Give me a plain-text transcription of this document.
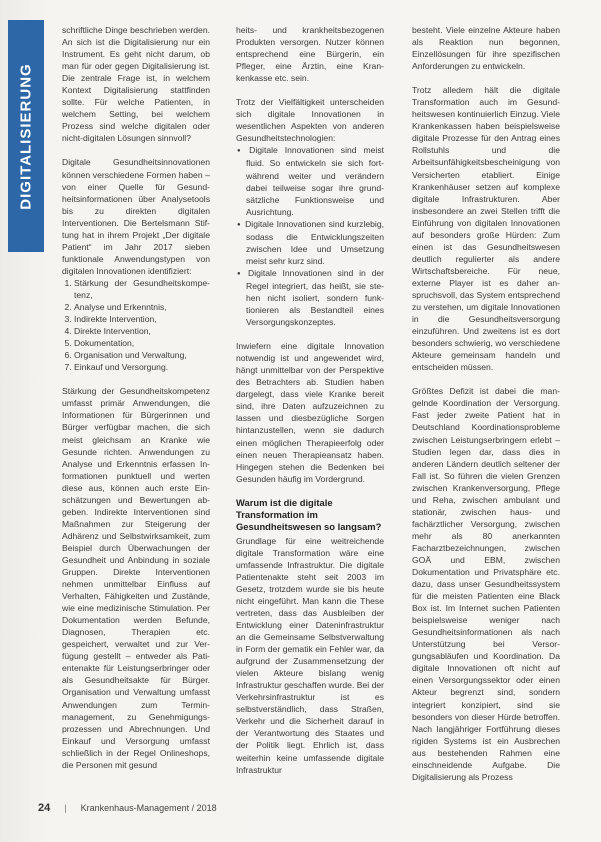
DIGITALISIERUNG

schriftliche Dinge beschrieben werden. An sich ist die Digitalisierung nur ein Instrument. Es geht nicht darum, ob man für oder gegen Digitalisierung ist. Die zentrale Frage ist, in welchem Kontext Digitalisierung stattfinden sollte. Für welche Patienten, in welchem Setting, bei welchem Prozess sind welche digitalen oder nicht-digitalen Lösungen sinnvoll?

Digitale Gesundheitsinnovationen können verschiedene Formen haben – von einer Quelle für Gesundheitsinformationen über Analysetools bis zu direkten digitalen Interventionen. Die Bertelsmann Stiftung hat in ihrem Projekt „Der digitale Patient“ im Jahr 2017 sieben funktionale Anwendungstypen von digitalen Innovationen identifiziert:

1. Stärkung der Gesundheitskompetenz,
2. Analyse und Erkenntnis,
3. Indirekte Intervention,
4. Direkte Intervention,
5. Dokumentation,
6. Organisation und Verwaltung,
7. Einkauf und Versorgung.

Stärkung der Gesundheitskompetenz umfasst primär Anwendungen, die Informationen für Bürgerinnen und Bürger verfügbar machen, die sich meist gleichsam an Kranke wie Gesunde richten. Anwendungen zu Analyse und Erkenntnis erfassen Informationen punktuell und werten diese aus, können auch erste Einschätzungen und Bewertungen abgeben. Indirekte Interventionen sind Maßnahmen zur Steigerung der Adhärenz und Selbstwirksamkeit, zum Beispiel durch Überwachungen der Gesundheit und Anbindung in soziale Gruppen. Direkte Interventionen nehmen unmittelbar Einfluss auf Verhalten, Fähigkeiten und Zustände, wie eine medizinische Stimulation. Per Dokumentation werden Befunde, Diagnosen, Therapien etc. gespeichert, verwaltet und zur Verfügung gestellt – entweder als Patientenakte für Leistungserbringer oder als Gesundheitsakte für Bürger. Organisation und Verwaltung umfasst Anwendungen zum Terminmanagement, zu Genehmigungsprozessen und Abrechnungen. Und Einkauf und Versorgung umfasst schließlich in der Regel Onlineshops, die Personen mit gesund

heits- und krankheitsbezogenen Produkten versorgen. Nutzer können entsprechend eine Bürgerin, ein Pfleger, eine Ärztin, eine Krankenkasse etc. sein.

Trotz der Vielfältigkeit unterscheiden sich digitale Innovationen in wesentlichen Aspekten von anderen Gesundheitstechnologien:

● Digitale Innovationen sind meist fluid. So entwickeln sie sich fortwährend weiter und verändern dabei teilweise sogar ihre grundsätzliche Funktionsweise und Ausrichtung.
● Digitale Innovationen sind kurzlebig, sodass die Entwicklungszeiten zwischen Idee und Umsetzung meist sehr kurz sind.
● Digitale Innovationen sind in der Regel integriert, das heißt, sie stehen nicht isoliert, sondern funktionieren als Bestandteil eines Versorgungskonzeptes.

Inwiefern eine digitale Innovation notwendig ist und angewendet wird, hängt unmittelbar von der Perspektive des Betrachters ab. Studien haben dargelegt, dass viele Kranke bereit sind, ihre Daten aufzuzeichnen zu lassen und diesbezügliche Sorgen hintanzustellen, wenn sie dadurch einen möglichen Therapieerfolg oder einen neuen Therapieansatz haben. Hingegen stehen die Bedenken bei Gesunden häufig im Vordergrund.

Warum ist die digitale Transformation im Gesundheitswesen so langsam?

Grundlage für eine weitreichende digitale Transformation wäre eine umfassende Infrastruktur. Die digitale Patientenakte steht seit 2003 im Gesetz, trotzdem wurde sie bis heute nicht eingeführt. Man kann die These vertreten, dass das Ausbleiben der Entwicklung einer Dateninfrastruktur an die Gemeinsame Selbstverwaltung in Form der gematik ein Fehler war, da aufgrund der Zusammensetzung der vielen Akteure bislang wenig Infrastruktur geschaffen wurde. Bei der Verkehrsinfrastruktur ist es selbstverständlich, dass Straßen, Verkehr und die Sicherheit darauf in der Verantwortung des Staates und der Politik liegt. Ehrlich ist, dass weiterhin keine umfassende digitale Infrastruktur

besteht. Viele einzelne Akteure haben als Reaktion nun begonnen, Einzellösungen für ihre spezifischen Anforderungen zu entwickeln.

Trotz alledem hält die digitale Transformation auch im Gesundheitswesen kontinuierlich Einzug. Viele Krankenkassen haben beispielsweise digitale Prozesse für den Antrag eines Rollstuhls und die Arbeitsunfähigkeitsbescheinigung von Versicherten etabliert. Einige Krankenhäuser setzen auf komplexe digitale Infrastrukturen. Aber insbesondere an zwei Stellen trifft die Einführung von digitalen Innovationen auf besonders große Hürden: Zum einen ist das Gesundheitswesen deutlich regulierter als andere Wirtschaftsbereiche. Für neue, externe Player ist es daher anspruchsvoll, das System entsprechend zu verstehen, um digitale Innovationen in die Gesundheitsversorgung einzuführen. Und zweitens ist es dort besonders schwierig, wo verschiedene Akteure gemeinsam handeln und entscheiden müssen.

Größtes Defizit ist dabei die mangelnde Koordination der Versorgung. Fast jeder zweite Patient hat in Deutschland Koordinationsprobleme zwischen Leistungserbringern erlebt – Studien legen dar, dass dies in anderen Ländern deutlich seltener der Fall ist. So führen die vielen Grenzen zwischen Krankenversorgung, Pflege und Reha, zwischen ambulant und stationär, zwischen haus- und fachärztlicher Versorgung, zwischen mehr als 80 anerkannten Facharztbezeichnungen, zwischen GOÄ und EBM, zwischen Dokumentation und Privatsphäre etc. dazu, dass unser Gesundheitssystem für die meisten Patienten eine Black Box ist. Im Internet suchen Patienten beispielsweise weniger nach Gesundheitsinformationen als nach Unterstützung bei Versorgungsabläufen und Koordination. Da digitale Innovationen oft nicht auf einen Versorgungssektor oder einen Akteur begrenzt sind, sondern integriert konzipiert, sind sie besonders von dieser Hürde betroffen. Nach langjähriger Fortführung dieses rigiden Systems ist ein Ausbrechen aus bestehenden Rahmen eine einschneidende Aufgabe. Die Digitalisierung als Prozess

24 | Krankenhaus-Management / 2018
